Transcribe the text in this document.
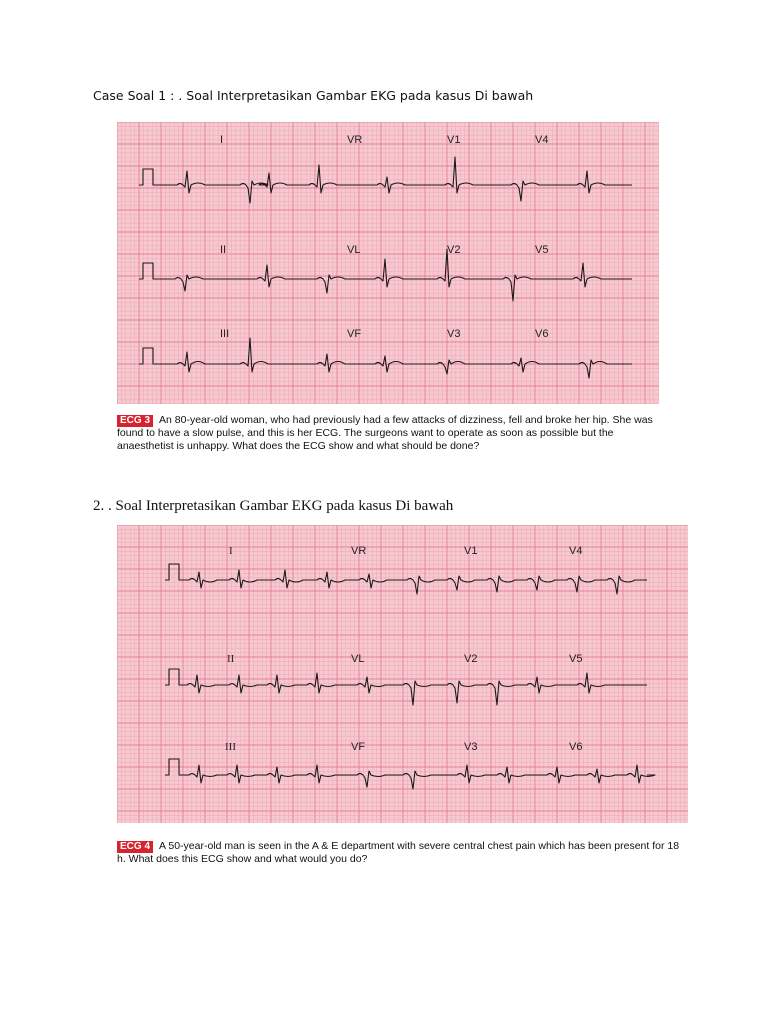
Case Soal 1 : . Soal Interpretasikan Gambar EKG pada kasus Di bawah
I	VR	V1	V4
II	VL	V2	V5
III	VF	V3	V6
ECG 3 An 80-year-old woman, who had previously had a few attacks of dizziness, fell and broke her hip. She was found to have a slow pulse, and this is her ECG. The surgeons want to operate as soon as possible but the anaesthetist is unhappy. What does the ECG show and what should be done?
2. . Soal Interpretasikan Gambar EKG pada kasus Di bawah
I	VR	V1	V4
II	VL	V2	V5
III	VF	V3	V6
ECG 4 A 50-year-old man is seen in the A & E department with severe central chest pain which has been present for 18 h. What does this ECG show and what would you do?
